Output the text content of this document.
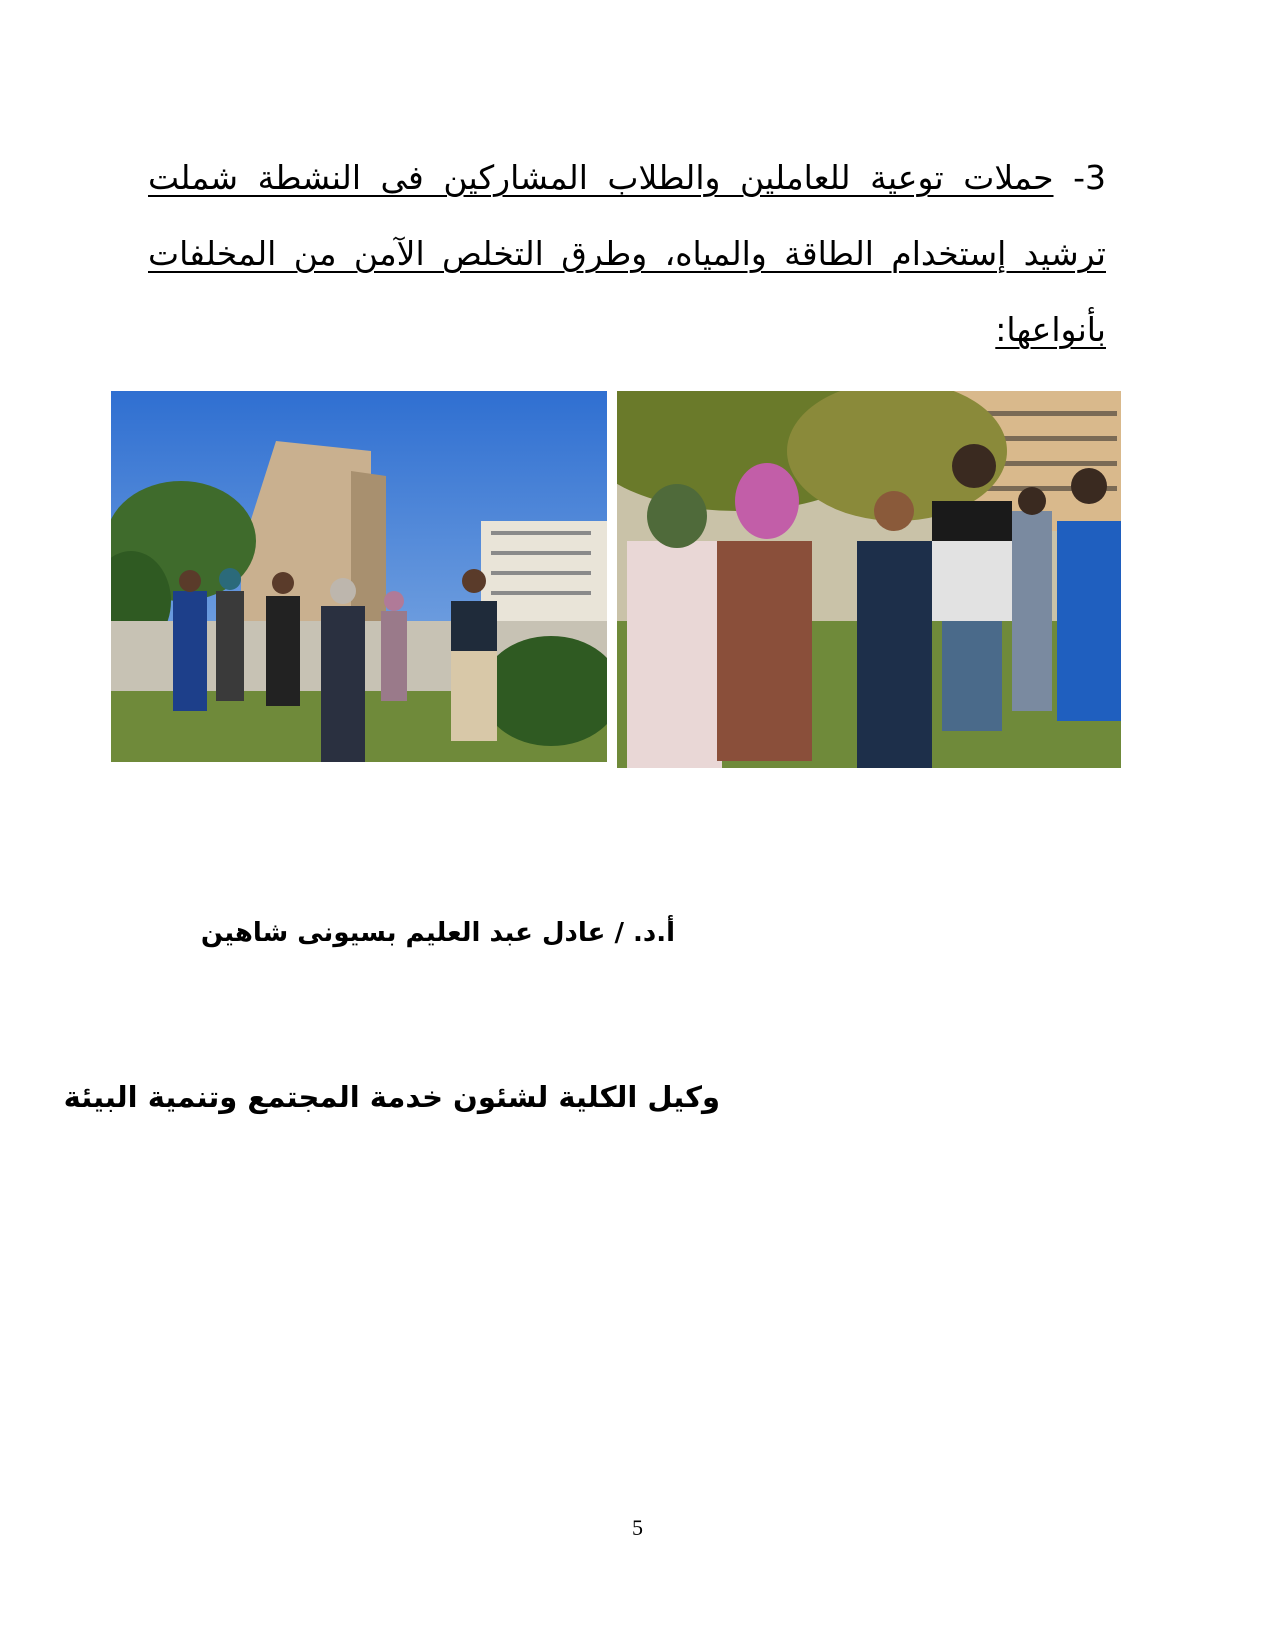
3- حملات توعية للعاملين والطلاب المشاركين فى النشطة شملت
ترشيد إستخدام الطاقة والمياه، وطرق التخلص الآمن من المخلفات
بأنواعها:
أ.د. / عادل عبد العليم بسيونى شاهين
وكيل الكلية لشئون خدمة المجتمع وتنمية البيئة
5
